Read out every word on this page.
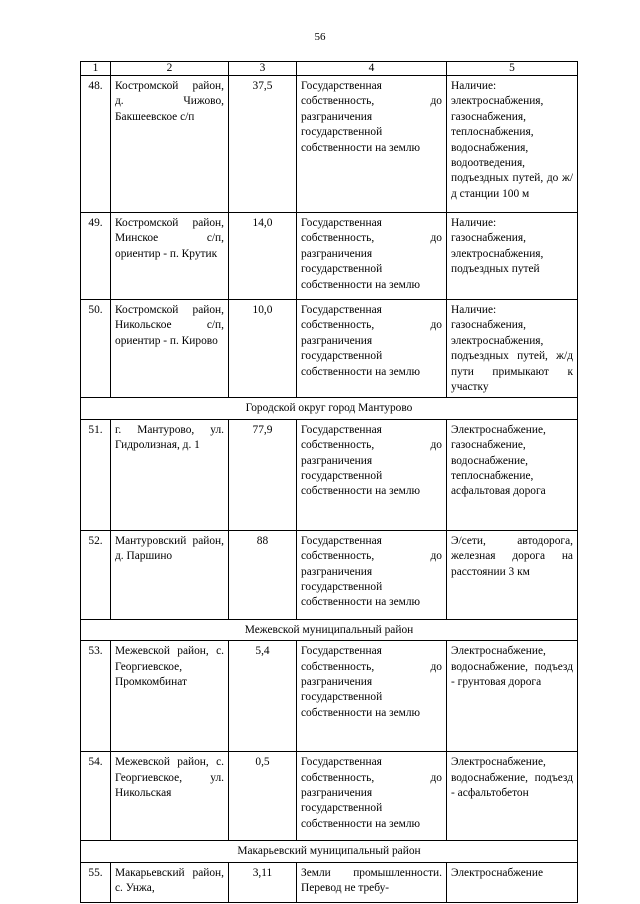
56
1	2	3	4	5
48.	Костромской район, д. Чижово, Бакшеевское с/п	37,5	Государственная собственность, до разграничения государственной собственности на землю	Наличие: электроснабжения, газоснабжения, теплоснабжения, водоснабжения, водоотведения, подъездных путей, до ж/д станции 100 м
49.	Костромской район, Минское с/п, ориентир - п. Крутик	14,0	Государственная собственность, до разграничения государственной собственности на землю	Наличие: газоснабжения, электроснабжения, подъездных путей
50.	Костромской район, Никольское с/п, ориентир - п. Кирово	10,0	Государственная собственность, до разграничения государственной собственности на землю	Наличие: газоснабжения, электроснабжения, подъездных путей, ж/д пути примыкают к участку
Городской округ город Мантурово				
51.	г. Мантурово, ул. Гидролизная, д. 1	77,9	Государственная собственность, до разграничения государственной собственности на землю	Электроснабжение, газоснабжение, водоснабжение, теплоснабжение, асфальтовая дорога
52.	Мантуровский район, д. Паршино	88	Государственная собственность, до разграничения государственной собственности на землю	Э/сети, автодорога, железная дорога на расстоянии 3 км
Межевской муниципальный район				
53.	Межевской район, с. Георгиевское, Промкомбинат	5,4	Государственная собственность, до разграничения государственной собственности на землю	Электроснабжение, водоснабжение, подъезд - грунтовая дорога
54.	Межевской район, с. Георгиевское, ул. Никольская	0,5	Государственная собственность, до разграничения государственной собственности на землю	Электроснабжение, водоснабжение, подъезд - асфальтобетон
Макарьевский муниципальный район				
55.	Макарьевский район, с. Унжа,	3,11	Земли промышленности. Перевод не требу-	Электроснабжение
